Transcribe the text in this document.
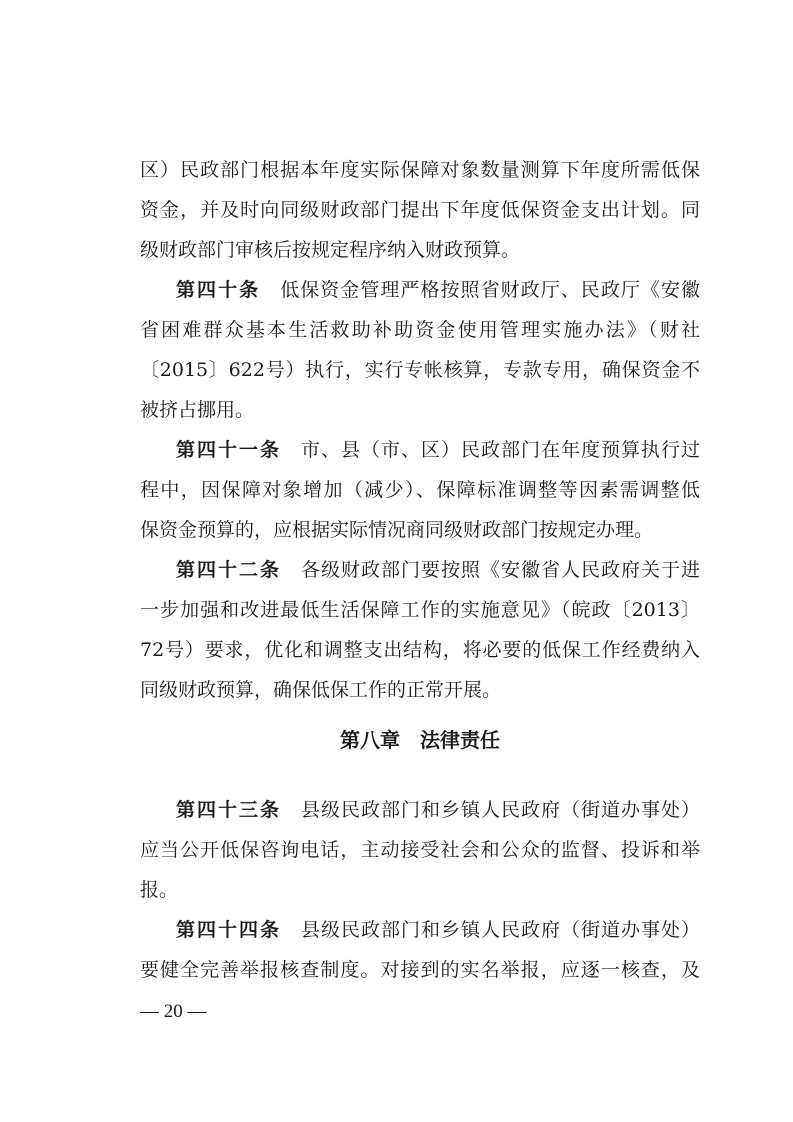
区）民政部门根据本年度实际保障对象数量测算下年度所需低保
资金，并及时向同级财政部门提出下年度低保资金支出计划。同
级财政部门审核后按规定程序纳入财政预算。
第四十条　低保资金管理严格按照省财政厅、民政厅《安徽
省困难群众基本生活救助补助资金使用管理实施办法》（财社
〔2015〕622号）执行，实行专帐核算，专款专用，确保资金不
被挤占挪用。
第四十一条　市、县（市、区）民政部门在年度预算执行过
程中，因保障对象增加（减少）、保障标准调整等因素需调整低
保资金预算的，应根据实际情况商同级财政部门按规定办理。
第四十二条　各级财政部门要按照《安徽省人民政府关于进
一步加强和改进最低生活保障工作的实施意见》（皖政〔2013〕
72号）要求，优化和调整支出结构，将必要的低保工作经费纳入
同级财政预算，确保低保工作的正常开展。
第八章　法律责任
第四十三条　县级民政部门和乡镇人民政府（街道办事处）
应当公开低保咨询电话，主动接受社会和公众的监督、投诉和举
报。
第四十四条　县级民政部门和乡镇人民政府（街道办事处）
要健全完善举报核查制度。对接到的实名举报，应逐一核查，及
— 20 —
